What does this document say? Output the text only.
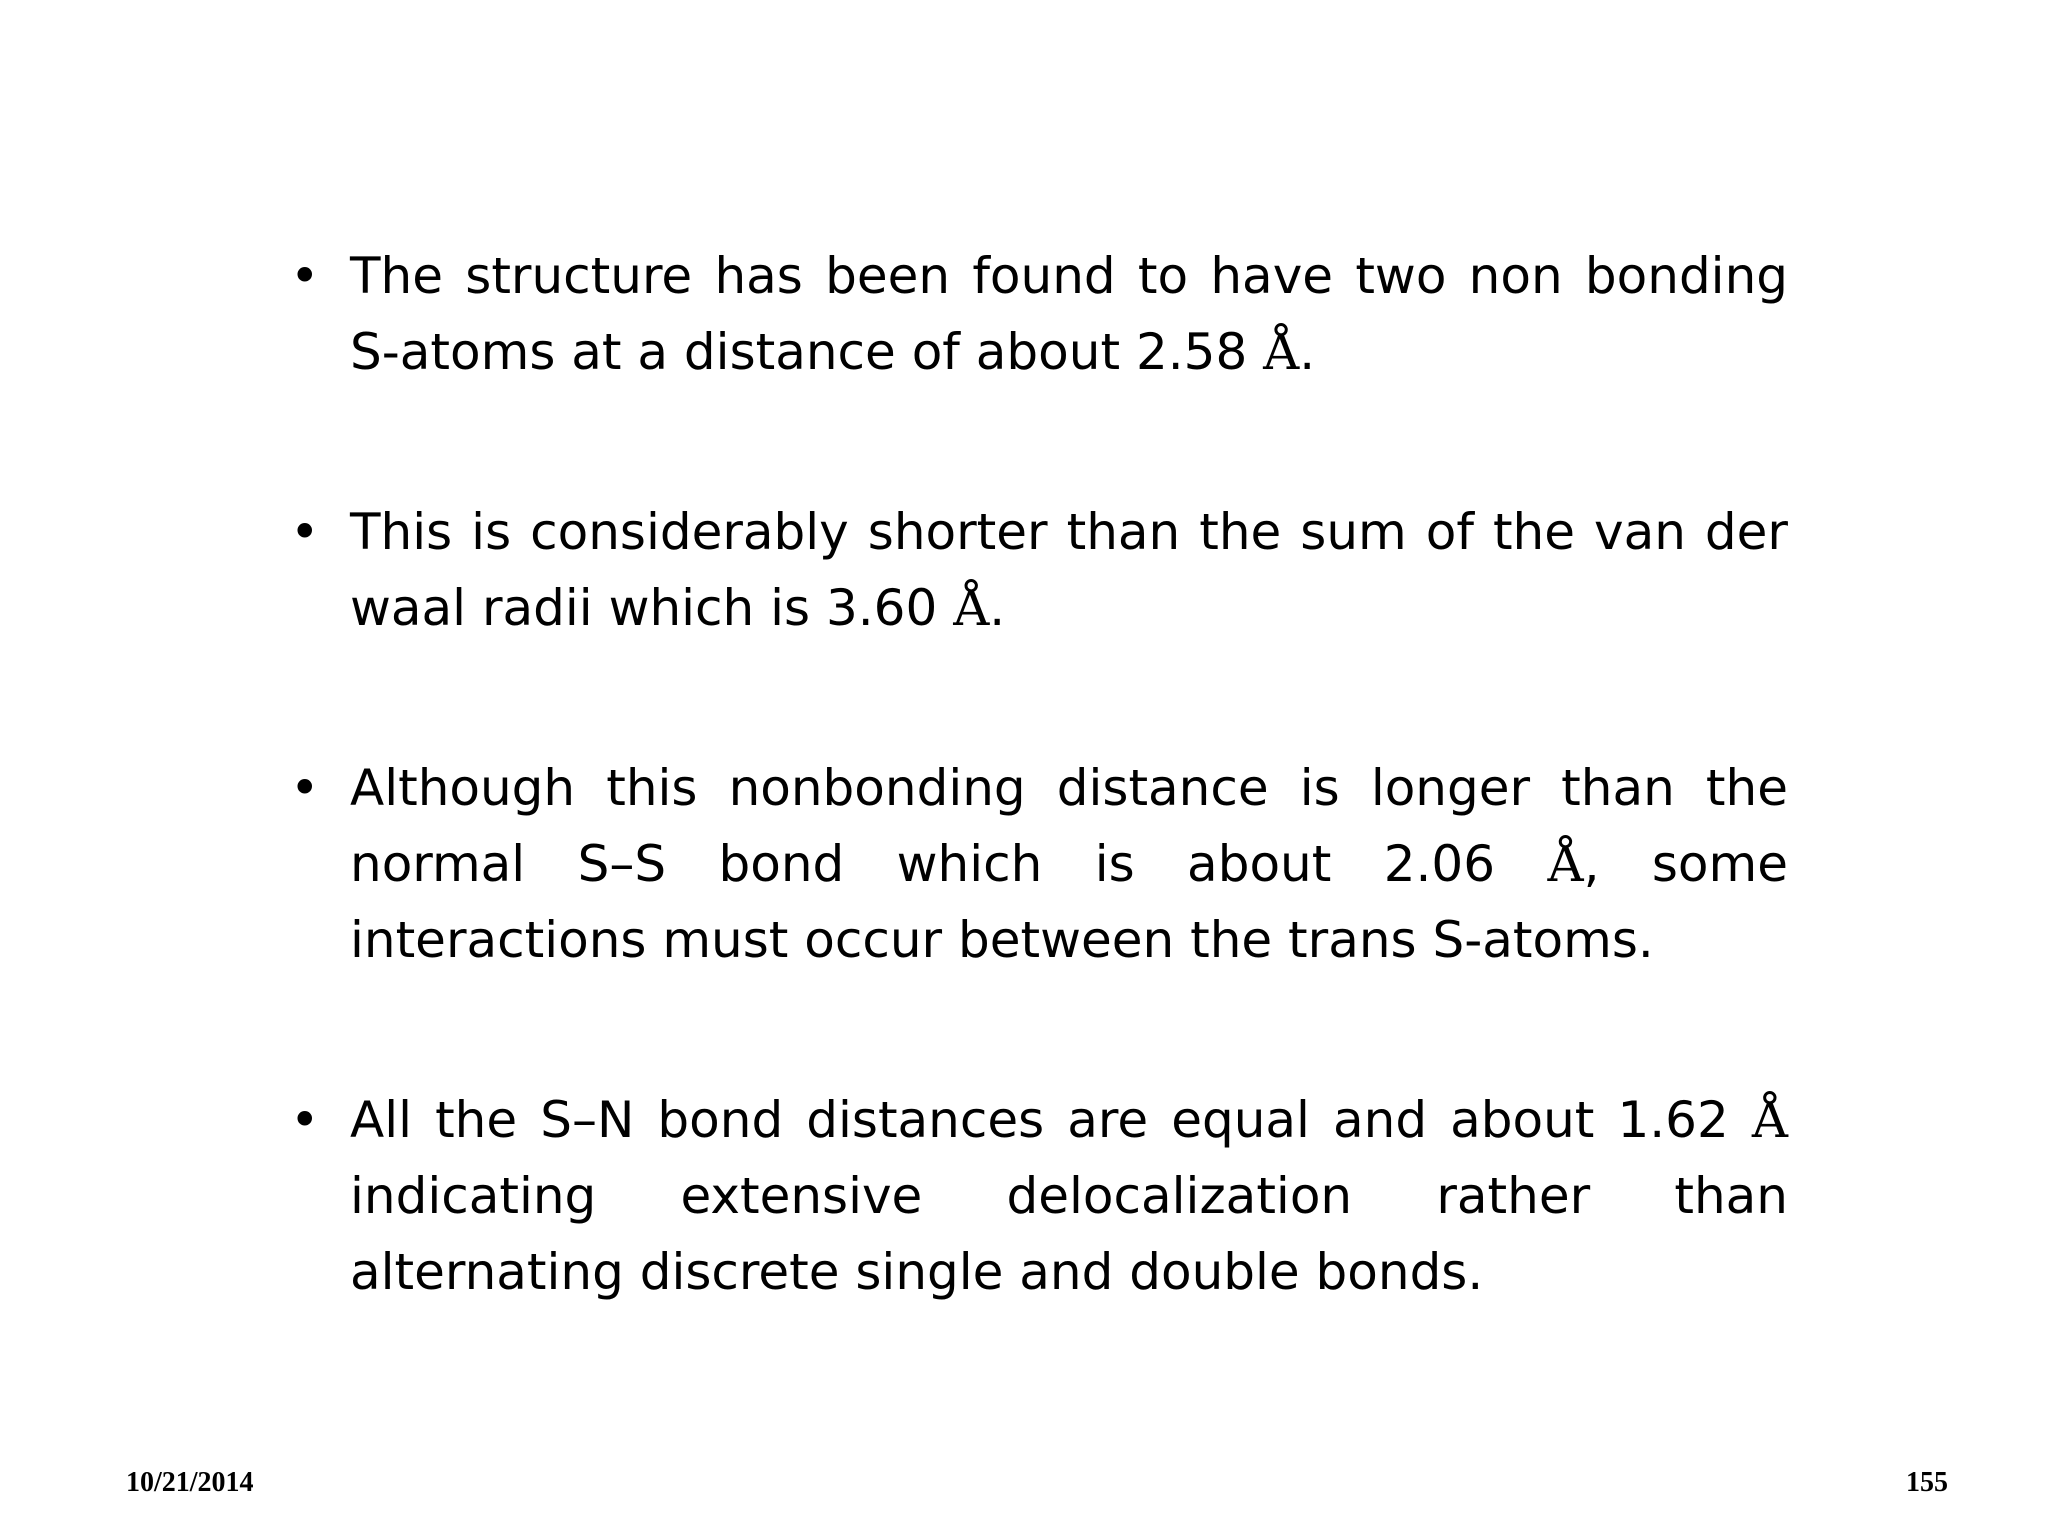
• The structure has been found to have two non bonding S-atoms at a distance of about 2.58 Å.
• This is considerably shorter than the sum of the van der waal radii which is 3.60 Å.
• Although this nonbonding distance is longer than the normal S–S bond which is about 2.06 Å, some interactions must occur between the trans S-atoms.
• All the S–N bond distances are equal and about 1.62 Å indicating extensive delocalization rather than alternating discrete single and double bonds.
10/21/2014	155
